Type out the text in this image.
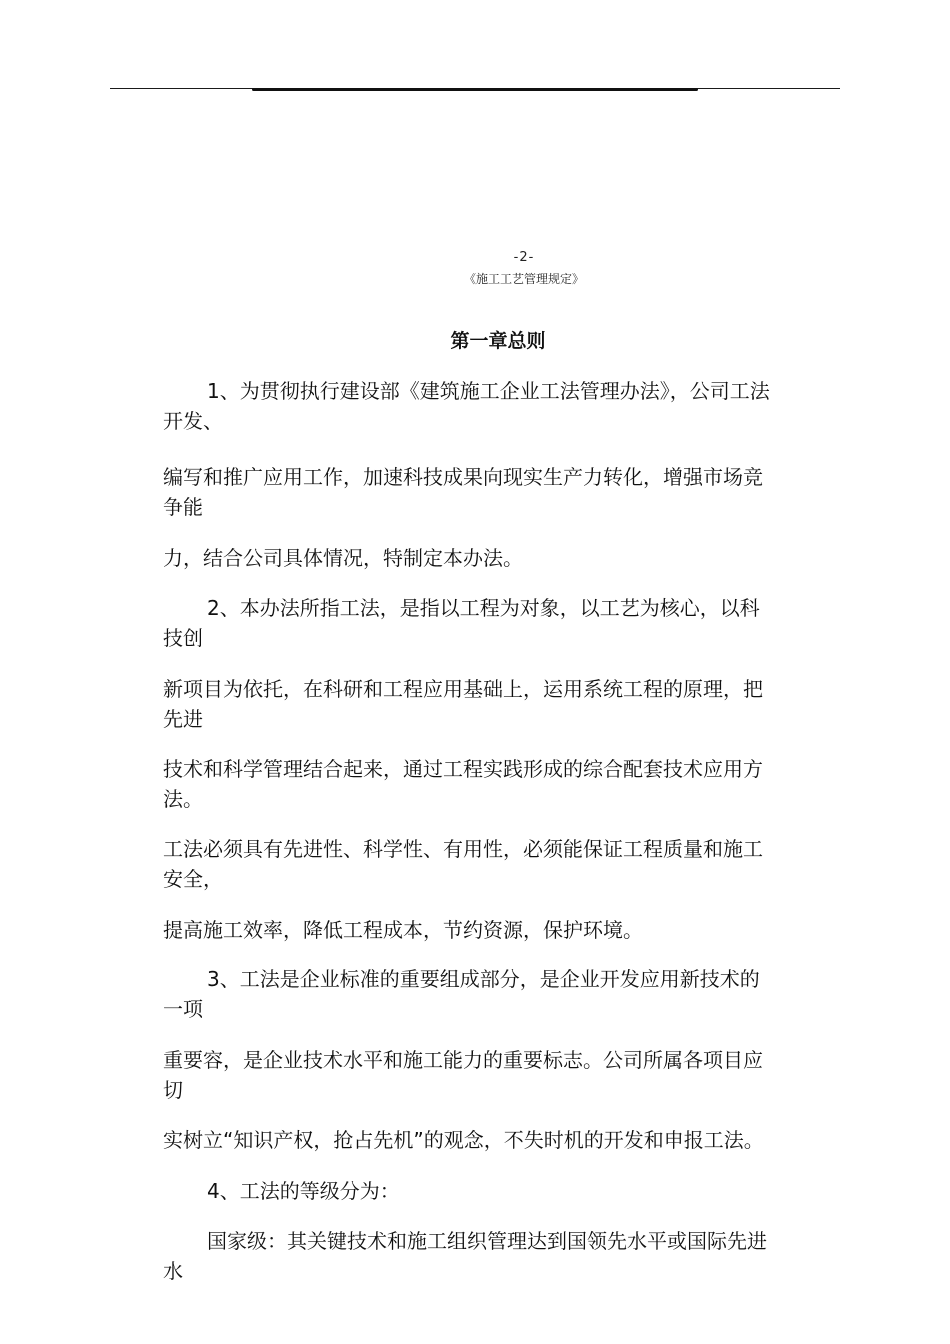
-2-
《施工工艺管理规定》
第一章总则
1、为贯彻执行建设部《建筑施工企业工法管理办法》，公司工法
开发、
编写和推广应用工作，加速科技成果向现实生产力转化，增强市场竞
争能
力，结合公司具体情况，特制定本办法。
2、本办法所指工法，是指以工程为对象，以工艺为核心，以科
技创
新项目为依托，在科研和工程应用基础上，运用系统工程的原理，把
先进
技术和科学管理结合起来，通过工程实践形成的综合配套技术应用方
法。
工法必须具有先进性、科学性、有用性，必须能保证工程质量和施工
安全，
提高施工效率，降低工程成本，节约资源，保护环境。
3、工法是企业标准的重要组成部分，是企业开发应用新技术的
一项
重要容，是企业技术水平和施工能力的重要标志。公司所属各项目应
切
实树立“知识产权，抢占先机”的观念，不失时机的开发和申报工法。
4、工法的等级分为：
国家级：其关键技术和施工组织管理达到国领先水平或国际先进
水
